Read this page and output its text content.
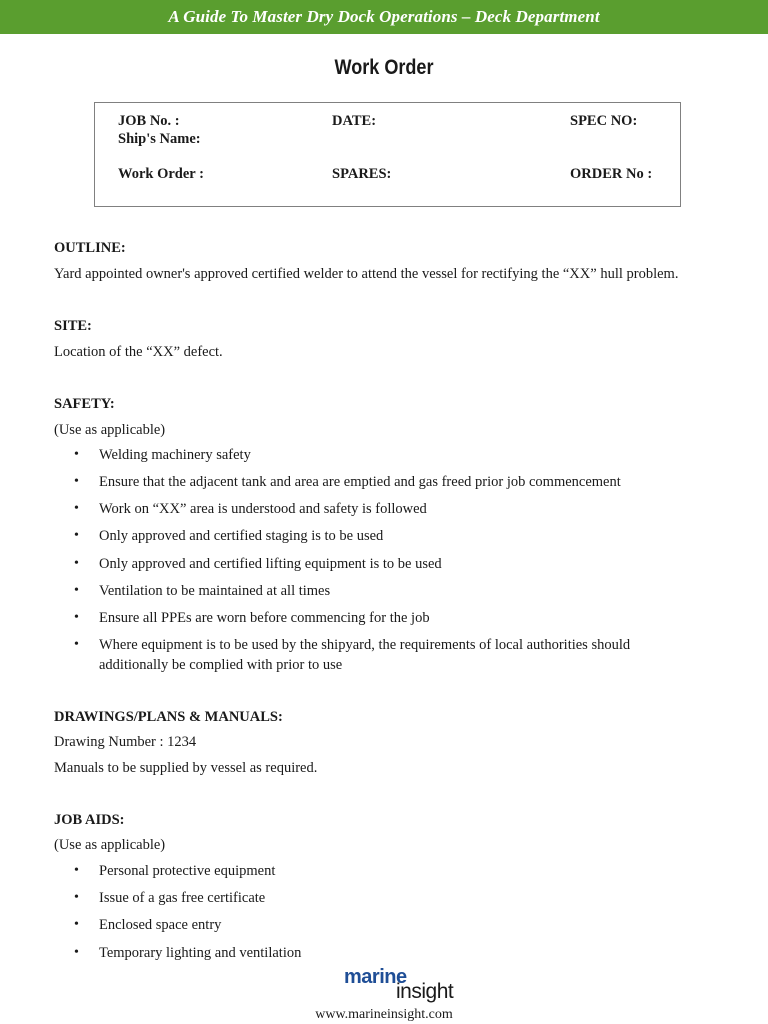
A Guide To Master Dry Dock Operations – Deck Department
Work Order
JOB No. :	DATE:	SPEC NO:
Ship's Name:
Work Order :	SPARES:	ORDER No :
OUTLINE:
Yard appointed owner's approved certified welder to attend the vessel for rectifying the “XX” hull problem.
SITE:
Location of the “XX” defect.
SAFETY:
(Use as applicable)
• Welding machinery safety
• Ensure that the adjacent tank and area are emptied and gas freed prior job commencement
• Work on “XX” area is understood and safety is followed
• Only approved and certified staging is to be used
• Only approved and certified lifting equipment is to be used
• Ventilation to be maintained at all times
• Ensure all PPEs are worn before commencing for the job
• Where equipment is to be used by the shipyard, the requirements of local authorities should additionally be complied with prior to use
DRAWINGS/PLANS & MANUALS:
Drawing Number : 1234
Manuals to be supplied by vessel as required.
JOB AIDS:
(Use as applicable)
• Personal protective equipment
• Issue of a gas free certificate
• Enclosed space entry
• Temporary lighting and ventilation
marine
insight
www.marineinsight.com
